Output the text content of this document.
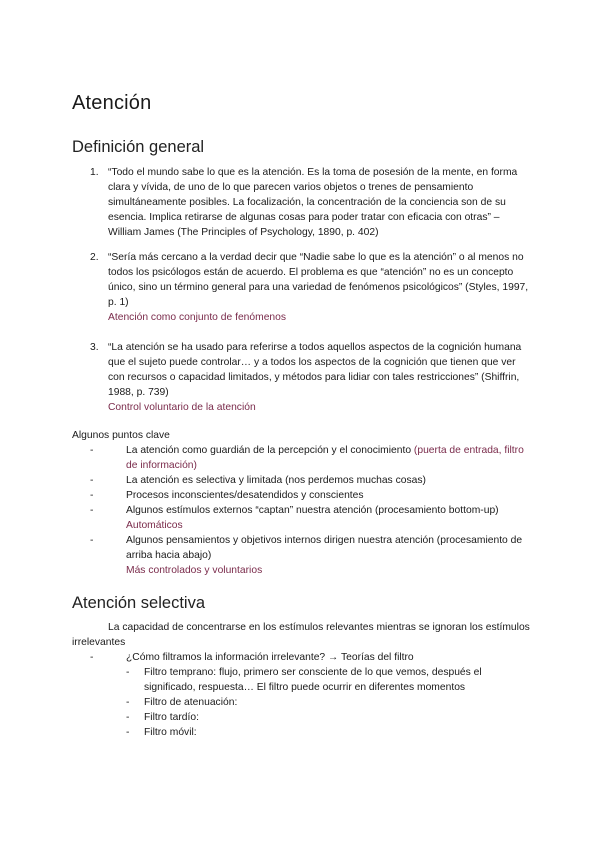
Atención
Definición general
1. “Todo el mundo sabe lo que es la atención. Es la toma de posesión de la mente, en forma clara y vívida, de uno de lo que parecen varios objetos o trenes de pensamiento simultáneamente posibles. La focalización, la concentración de la conciencia son de su esencia. Implica retirarse de algunas cosas para poder tratar con eficacia con otras” – William James (The Principles of Psychology, 1890, p. 402)
2. “Sería más cercano a la verdad decir que “Nadie sabe lo que es la atención” o al menos no todos los psicólogos están de acuerdo. El problema es que “atención” no es un concepto único, sino un término general para una variedad de fenómenos psicológicos” (Styles, 1997, p. 1)
Atención como conjunto de fenómenos
3. “La atención se ha usado para referirse a todos aquellos aspectos de la cognición humana que el sujeto puede controlar… y a todos los aspectos de la cognición que tienen que ver con recursos o capacidad limitados, y métodos para lidiar con tales restricciones” (Shiffrin, 1988, p. 739)
Control voluntario de la atención
Algunos puntos clave
-	La atención como guardián de la percepción y el conocimiento (puerta de entrada, filtro de información)
-	La atención es selectiva y limitada (nos perdemos muchas cosas)
-	Procesos inconscientes/desatendidos y conscientes
-	Algunos estímulos externos “captan” nuestra atención (procesamiento bottom-up)
Automáticos
-	Algunos pensamientos y objetivos internos dirigen nuestra atención (procesamiento de arriba hacia abajo)
Más controlados y voluntarios
Atención selectiva
La capacidad de concentrarse en los estímulos relevantes mientras se ignoran los estímulos irrelevantes
-	¿Cómo filtramos la información irrelevante? → Teorías del filtro
- Filtro temprano: flujo, primero ser consciente de lo que vemos, después el significado, respuesta… El filtro puede ocurrir en diferentes momentos
- Filtro de atenuación:
- Filtro tardío:
- Filtro móvil:
